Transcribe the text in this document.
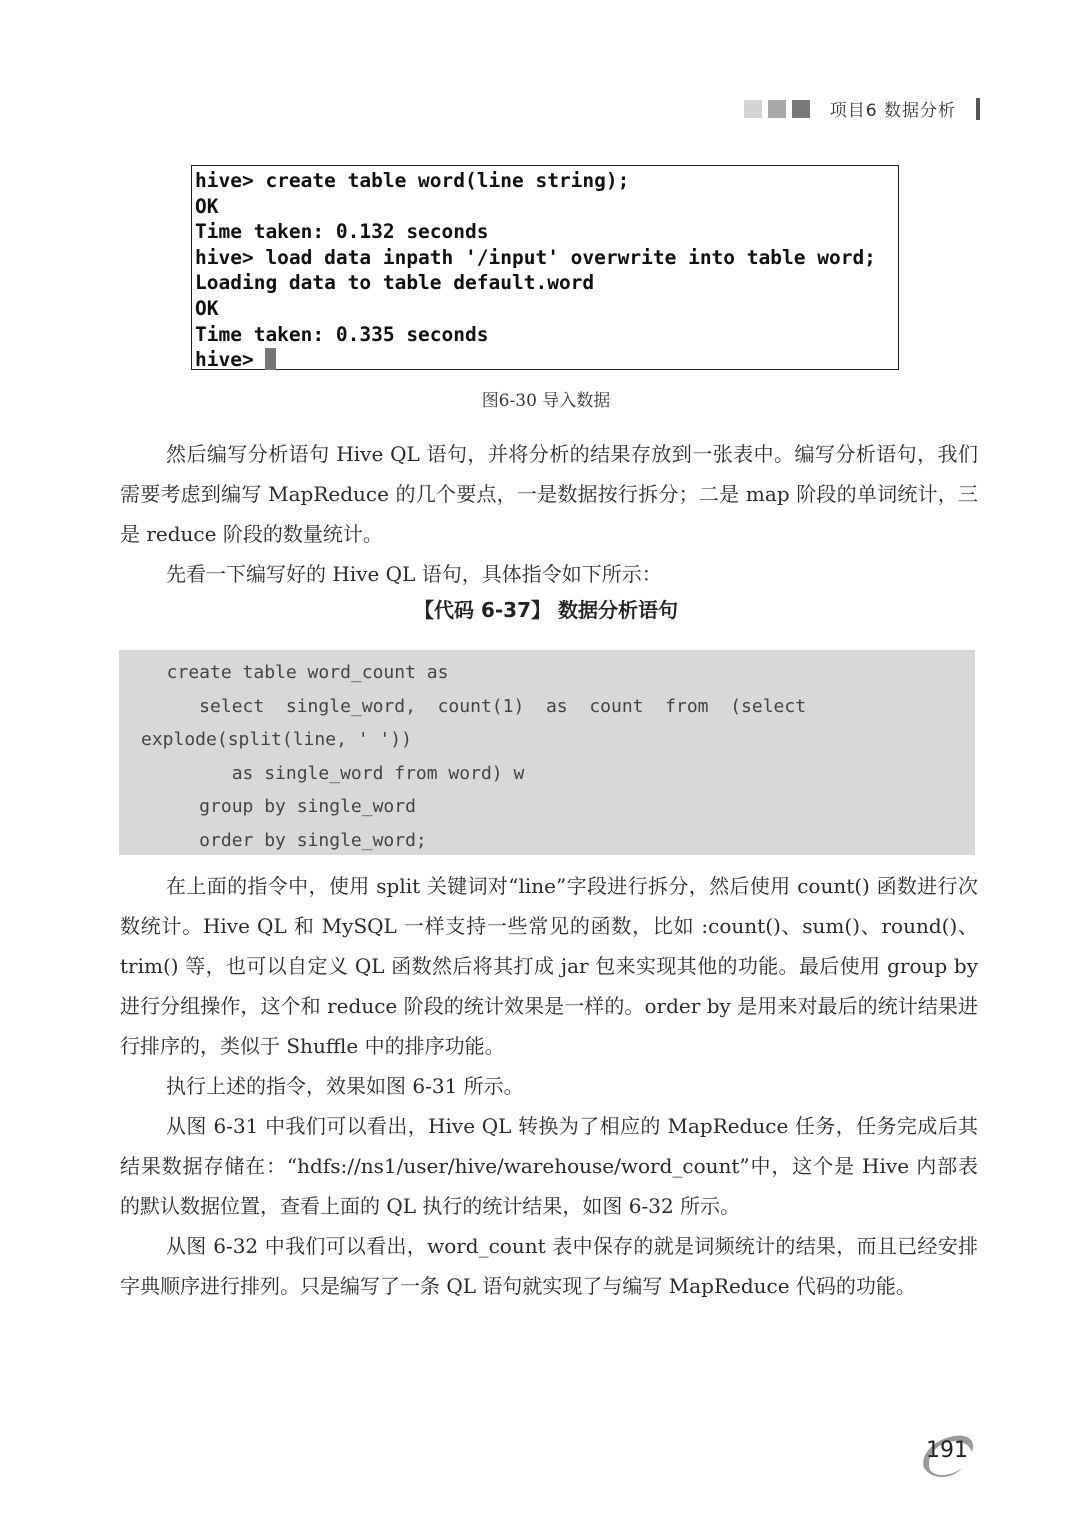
项目6 数据分析
hive> create table word(line string);
OK
Time taken: 0.132 seconds
hive> load data inpath '/input' overwrite into table word;
Loading data to table default.word
OK
Time taken: 0.335 seconds
hive>
图6-30 导入数据

然后编写分析语句 Hive QL 语句，并将分析的结果存放到一张表中。编写分析语句，我们需要考虑到编写 MapReduce 的几个要点，一是数据按行拆分；二是 map 阶段的单词统计，三是 reduce 阶段的数量统计。

先看一下编写好的 Hive QL 语句，具体指令如下所示：

【代码 6-37】 数据分析语句
create table word_count as
select  single_word,  count(1)  as  count  from  (select
explode(split(line, ' '))
as single_word from word) w
group by single_word
order by single_word;

在上面的指令中，使用 split 关键词对“line”字段进行拆分，然后使用 count() 函数进行次数统计。Hive QL 和 MySQL 一样支持一些常见的函数，比如 :count()、sum()、round()、trim() 等，也可以自定义 QL 函数然后将其打成 jar 包来实现其他的功能。最后使用 group by 进行分组操作，这个和 reduce 阶段的统计效果是一样的。order by 是用来对最后的统计结果进行排序的，类似于 Shuffle 中的排序功能。

执行上述的指令，效果如图 6-31 所示。

从图 6-31 中我们可以看出，Hive QL 转换为了相应的 MapReduce 任务，任务完成后其结果数据存储在：“hdfs://ns1/user/hive/warehouse/word_count”中，这个是 Hive 内部表的默认数据位置，查看上面的 QL 执行的统计结果，如图 6-32 所示。

从图 6-32 中我们可以看出，word_count 表中保存的就是词频统计的结果，而且已经安排字典顺序进行排列。只是编写了一条 QL 语句就实现了与编写 MapReduce 代码的功能。

191
